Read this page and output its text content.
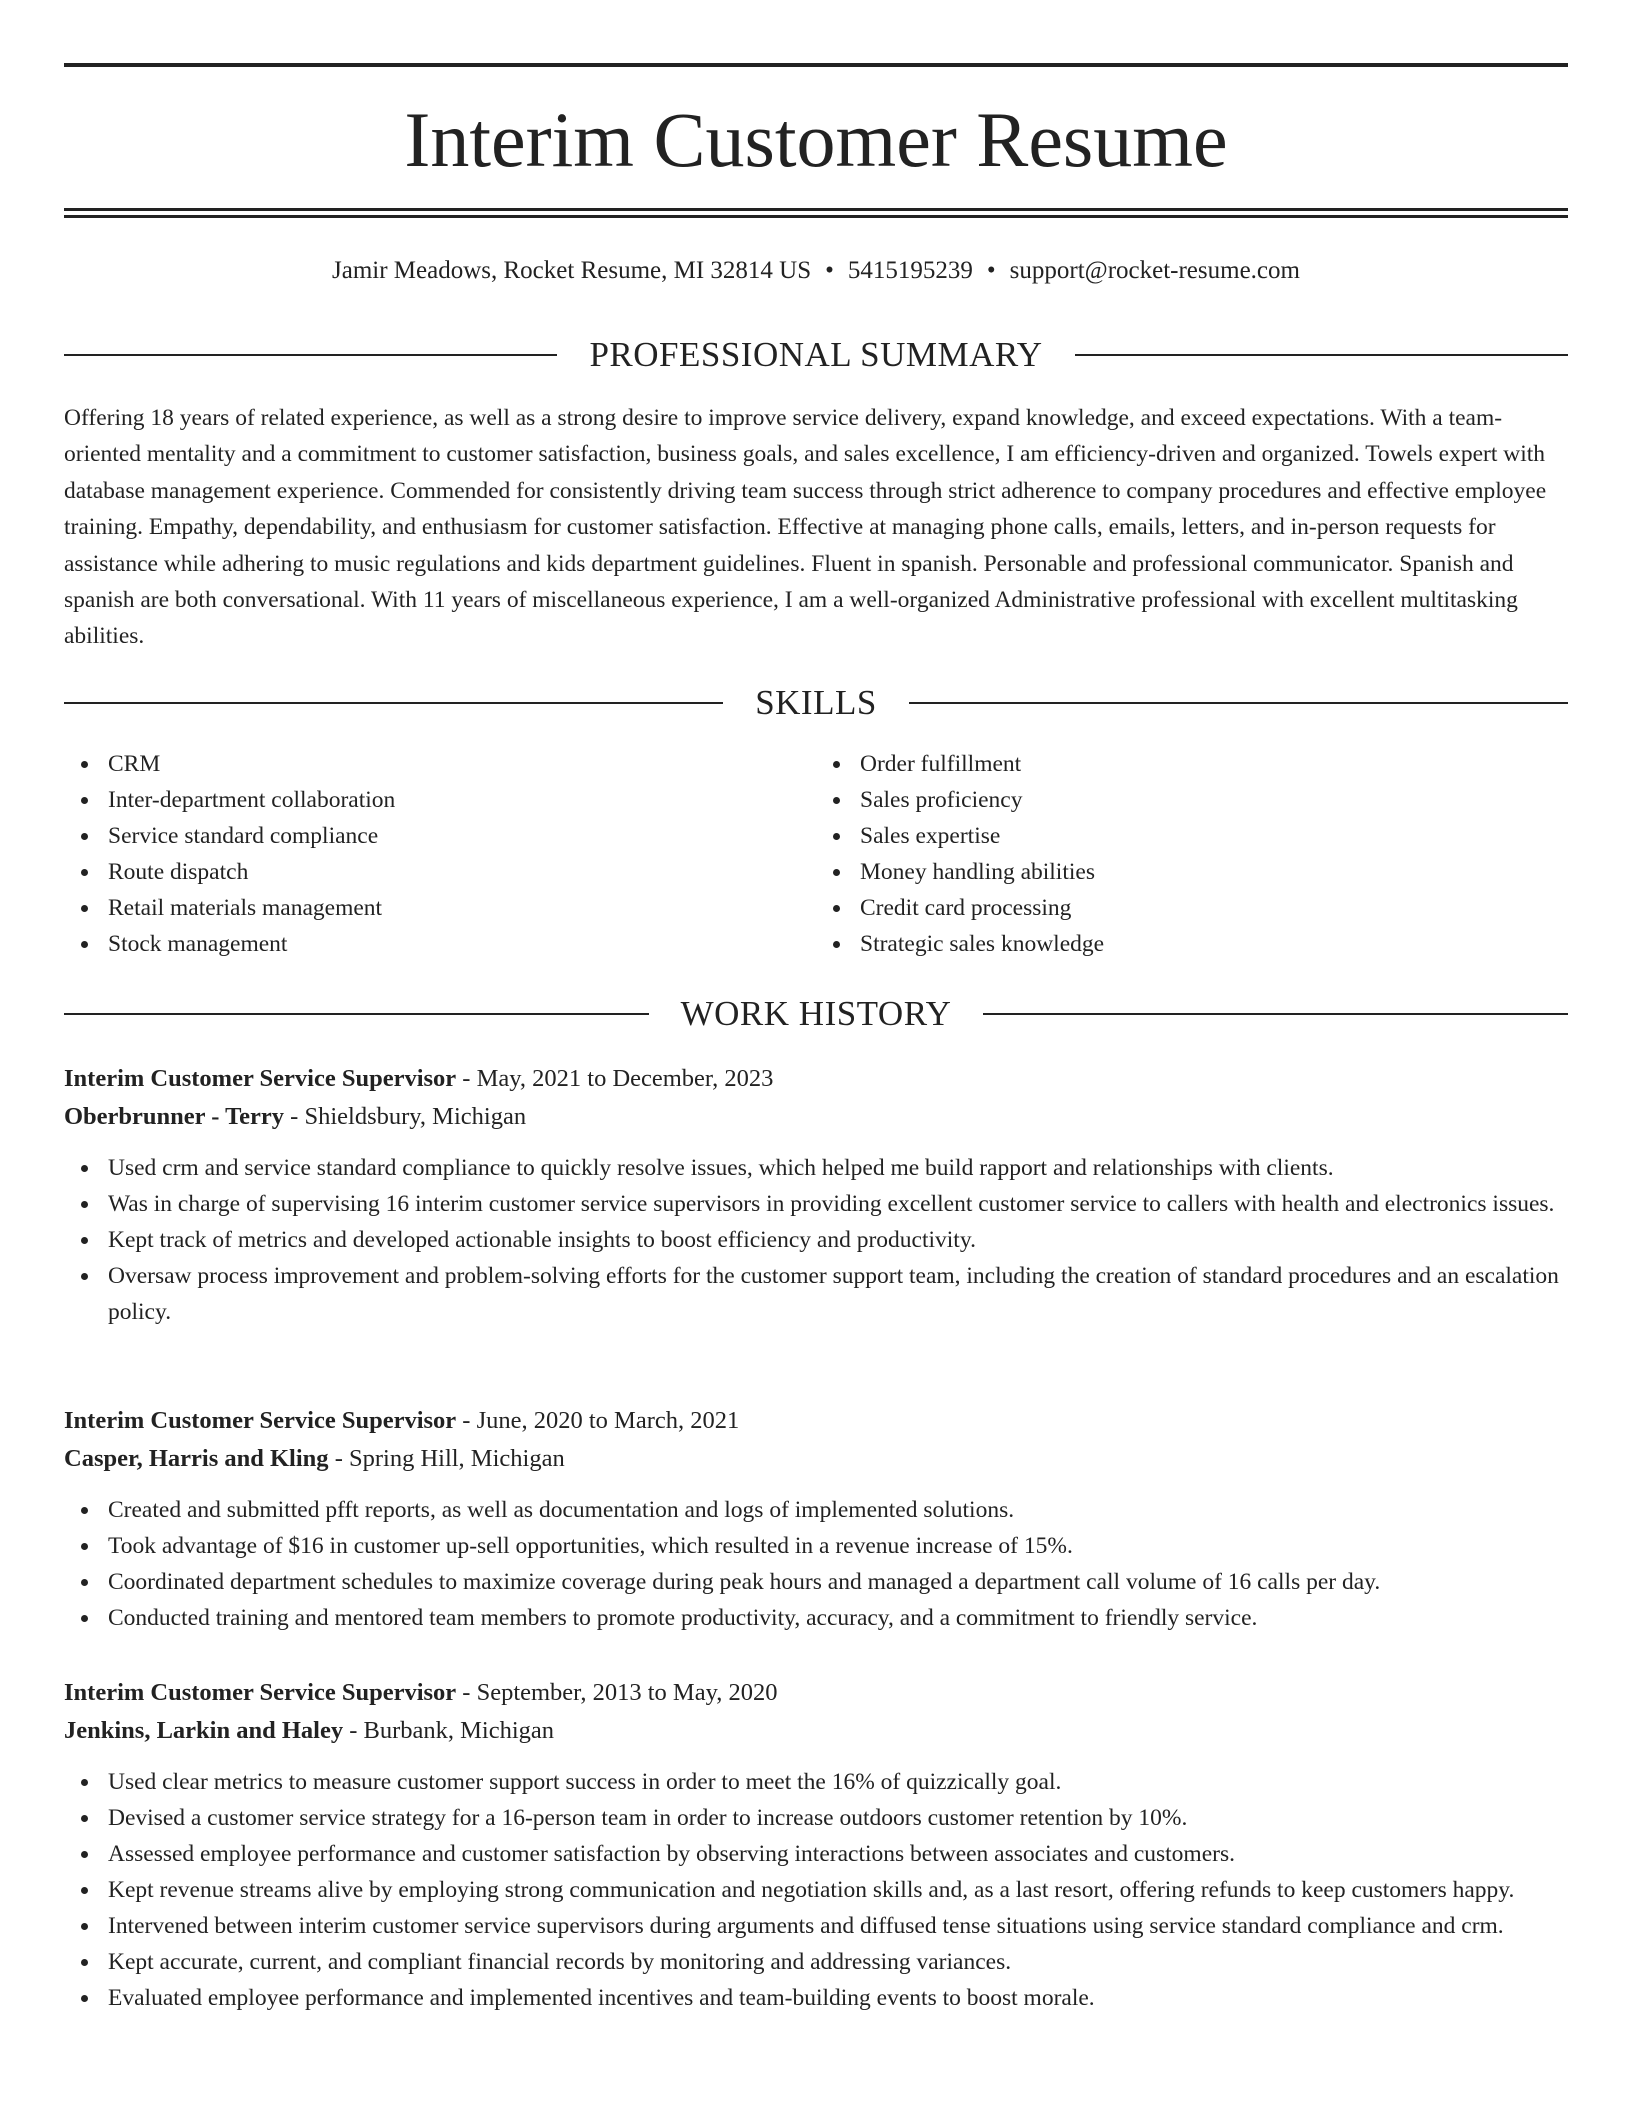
Interim Customer Resume
Jamir Meadows, Rocket Resume, MI 32814 US • 5415195239 • support@rocket-resume.com
PROFESSIONAL SUMMARY

Offering 18 years of related experience, as well as a strong desire to improve service delivery, expand knowledge, and exceed expectations. With a team-oriented mentality and a commitment to customer satisfaction, business goals, and sales excellence, I am efficiency-driven and organized. Towels expert with database management experience. Commended for consistently driving team success through strict adherence to company procedures and effective employee training. Empathy, dependability, and enthusiasm for customer satisfaction. Effective at managing phone calls, emails, letters, and in-person requests for assistance while adhering to music regulations and kids department guidelines. Fluent in spanish. Personable and professional communicator. Spanish and spanish are both conversational. With 11 years of miscellaneous experience, I am a well-organized Administrative professional with excellent multitasking abilities.

SKILLS
CRM
Inter-department collaboration
Service standard compliance
Route dispatch
Retail materials management
Stock management
Order fulfillment
Sales proficiency
Sales expertise
Money handling abilities
Credit card processing
Strategic sales knowledge
WORK HISTORY
Interim Customer Service Supervisor - May, 2021 to December, 2023
Oberbrunner - Terry - Shieldsbury, Michigan
Used crm and service standard compliance to quickly resolve issues, which helped me build rapport and relationships with clients.
Was in charge of supervising 16 interim customer service supervisors in providing excellent customer service to callers with health and electronics issues.
Kept track of metrics and developed actionable insights to boost efficiency and productivity.
Oversaw process improvement and problem-solving efforts for the customer support team, including the creation of standard procedures and an escalation policy.
Interim Customer Service Supervisor - June, 2020 to March, 2021
Casper, Harris and Kling - Spring Hill, Michigan
Created and submitted pfft reports, as well as documentation and logs of implemented solutions.
Took advantage of $16 in customer up-sell opportunities, which resulted in a revenue increase of 15%.
Coordinated department schedules to maximize coverage during peak hours and managed a department call volume of 16 calls per day.
Conducted training and mentored team members to promote productivity, accuracy, and a commitment to friendly service.
Interim Customer Service Supervisor - September, 2013 to May, 2020
Jenkins, Larkin and Haley - Burbank, Michigan
Used clear metrics to measure customer support success in order to meet the 16% of quizzically goal.
Devised a customer service strategy for a 16-person team in order to increase outdoors customer retention by 10%.
Assessed employee performance and customer satisfaction by observing interactions between associates and customers.
Kept revenue streams alive by employing strong communication and negotiation skills and, as a last resort, offering refunds to keep customers happy.
Intervened between interim customer service supervisors during arguments and diffused tense situations using service standard compliance and crm.
Kept accurate, current, and compliant financial records by monitoring and addressing variances.
Evaluated employee performance and implemented incentives and team-building events to boost morale.
